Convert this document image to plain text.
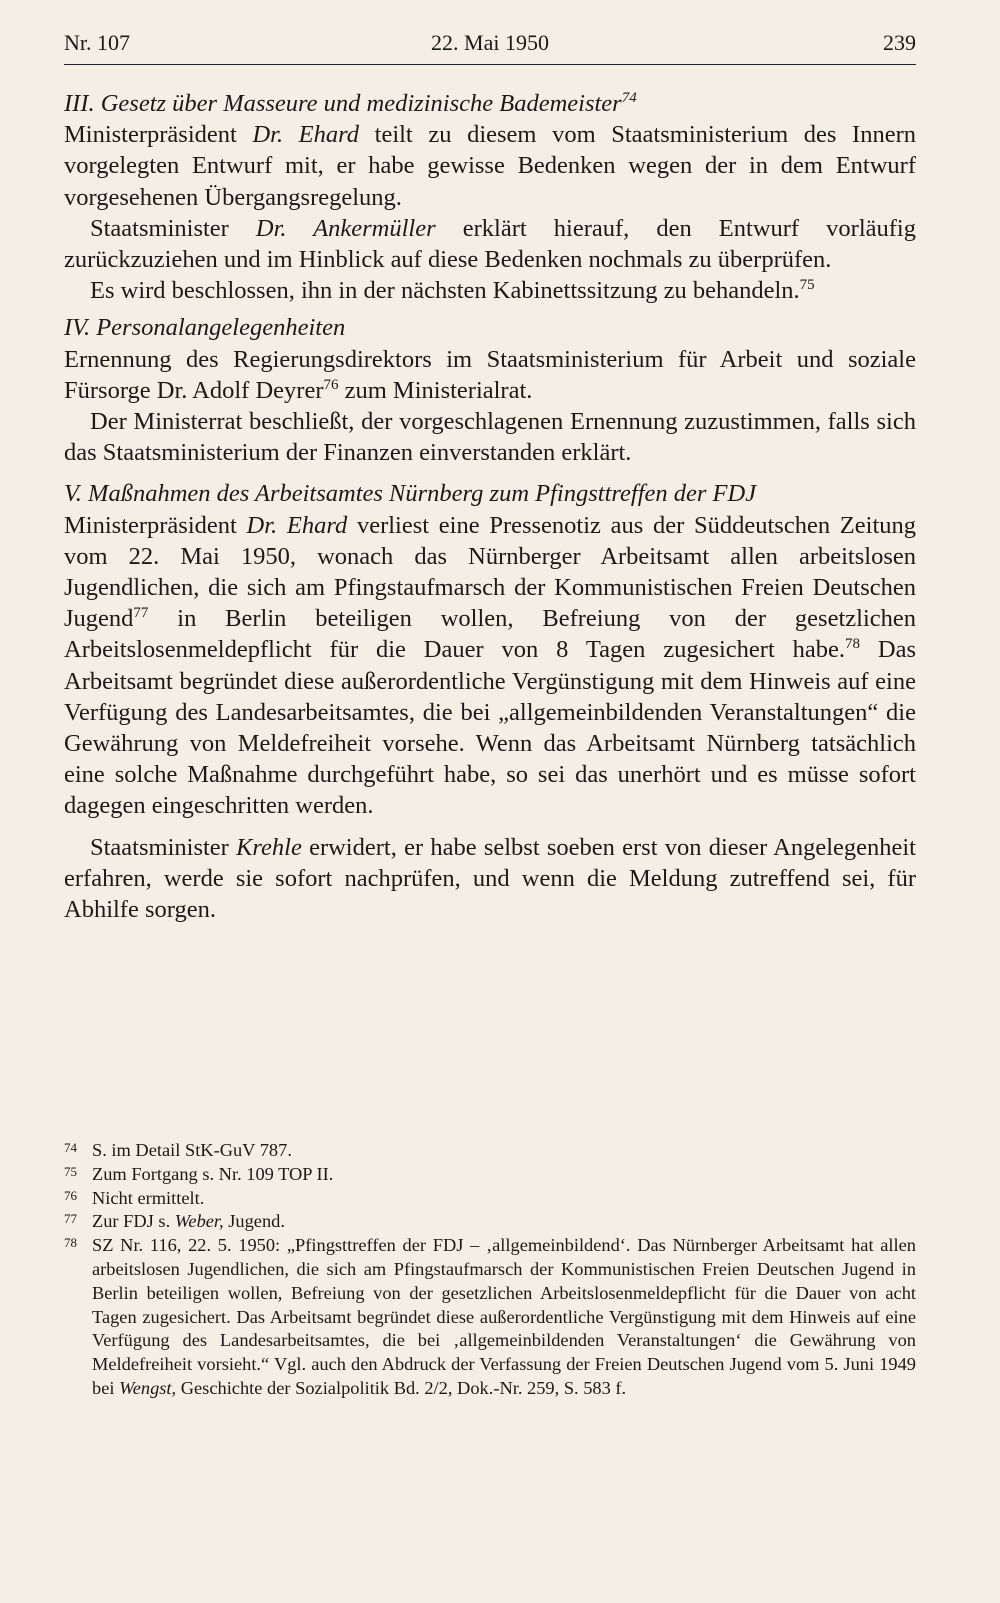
Nr. 107	22. Mai 1950	239

III. Gesetz über Masseure und medizinische Bademeister$^{74}$

Ministerpräsident Dr. Ehard teilt zu diesem vom Staatsministerium des Innern vorgelegten Entwurf mit, er habe gewisse Bedenken wegen der in dem Entwurf vorgesehenen Übergangsregelung.

Staatsminister Dr. Ankermüller erklärt hierauf, den Entwurf vorläufig zurückzuziehen und im Hinblick auf diese Bedenken nochmals zu überprüfen.

Es wird beschlossen, ihn in der nächsten Kabinettssitzung zu behandeln.$^{75}$

IV. Personalangelegenheiten

Ernennung des Regierungsdirektors im Staatsministerium für Arbeit und soziale Fürsorge Dr. Adolf Deyrer$^{76}$ zum Ministerialrat.

Der Ministerrat beschließt, der vorgeschlagenen Ernennung zuzustimmen, falls sich das Staatsministerium der Finanzen einverstanden erklärt.

V. Maßnahmen des Arbeitsamtes Nürnberg zum Pfingsttreffen der FDJ

Ministerpräsident Dr. Ehard verliest eine Pressenotiz aus der Süddeutschen Zeitung vom 22. Mai 1950, wonach das Nürnberger Arbeitsamt allen arbeitslosen Jugendlichen, die sich am Pfingstaufmarsch der Kommunistischen Freien Deutschen Jugend$^{77}$ in Berlin beteiligen wollen, Befreiung von der gesetzlichen Arbeitslosenmeldepflicht für die Dauer von 8 Tagen zugesichert habe.$^{78}$ Das Arbeitsamt begründet diese außerordentliche Vergünstigung mit dem Hinweis auf eine Verfügung des Landesarbeitsamtes, die bei „allgemeinbildenden Veranstaltungen“ die Gewährung von Meldefreiheit vorsehe. Wenn das Arbeitsamt Nürnberg tatsächlich eine solche Maßnahme durchgeführt habe, so sei das unerhört und es müsse sofort dagegen eingeschritten werden.

Staatsminister Krehle erwidert, er habe selbst soeben erst von dieser Angelegenheit erfahren, werde sie sofort nachprüfen, und wenn die Meldung zutreffend sei, für Abhilfe sorgen.

74 S. im Detail StK-GuV 787.

75 Zum Fortgang s. Nr. 109 TOP II.

76 Nicht ermittelt.

77 Zur FDJ s. Weber, Jugend.

78 SZ Nr. 116, 22. 5. 1950: „Pfingsttreffen der FDJ – ‚allgemeinbildend‘. Das Nürnberger Arbeitsamt hat allen arbeitslosen Jugendlichen, die sich am Pfingstaufmarsch der Kommunistischen Freien Deutschen Jugend in Berlin beteiligen wollen, Befreiung von der gesetzlichen Arbeitslosenmeldepflicht für die Dauer von acht Tagen zugesichert. Das Arbeitsamt begründet diese außerordentliche Vergünstigung mit dem Hinweis auf eine Verfügung des Landesarbeitsamtes, die bei ‚allgemeinbildenden Veranstaltungen‘ die Gewährung von Meldefreiheit vorsieht.“ Vgl. auch den Abdruck der Verfassung der Freien Deutschen Jugend vom 5. Juni 1949 bei Wengst, Geschichte der Sozialpolitik Bd. 2/2, Dok.-Nr. 259, S. 583 f.
